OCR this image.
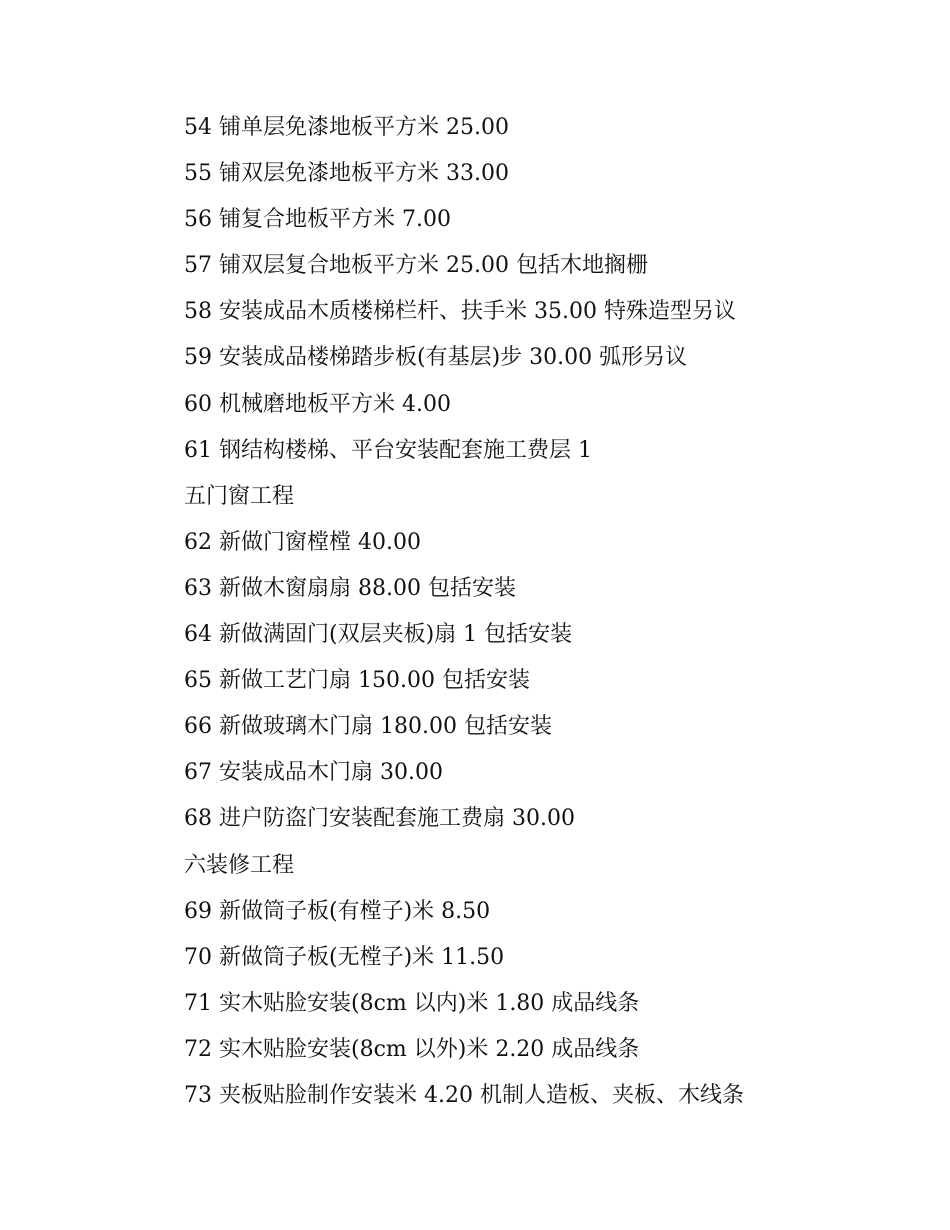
54 铺单层免漆地板平方米 25.00
55 铺双层免漆地板平方米 33.00
56 铺复合地板平方米 7.00
57 铺双层复合地板平方米 25.00 包括木地搁栅
58 安装成品木质楼梯栏杆、扶手米 35.00 特殊造型另议
59 安装成品楼梯踏步板(有基层)步 30.00 弧形另议
60 机械磨地板平方米 4.00
61 钢结构楼梯、平台安装配套施工费层 1
五门窗工程
62 新做门窗樘樘 40.00
63 新做木窗扇扇 88.00 包括安装
64 新做满固门(双层夹板)扇 1 包括安装
65 新做工艺门扇 150.00 包括安装
66 新做玻璃木门扇 180.00 包括安装
67 安装成品木门扇 30.00
68 进户防盗门安装配套施工费扇 30.00
六装修工程
69 新做筒子板(有樘子)米 8.50
70 新做筒子板(无樘子)米 11.50
71 实木贴脸安装(8cm 以内)米 1.80 成品线条
72 实木贴脸安装(8cm 以外)米 2.20 成品线条
73 夹板贴脸制作安装米 4.20 机制人造板、夹板、木线条
